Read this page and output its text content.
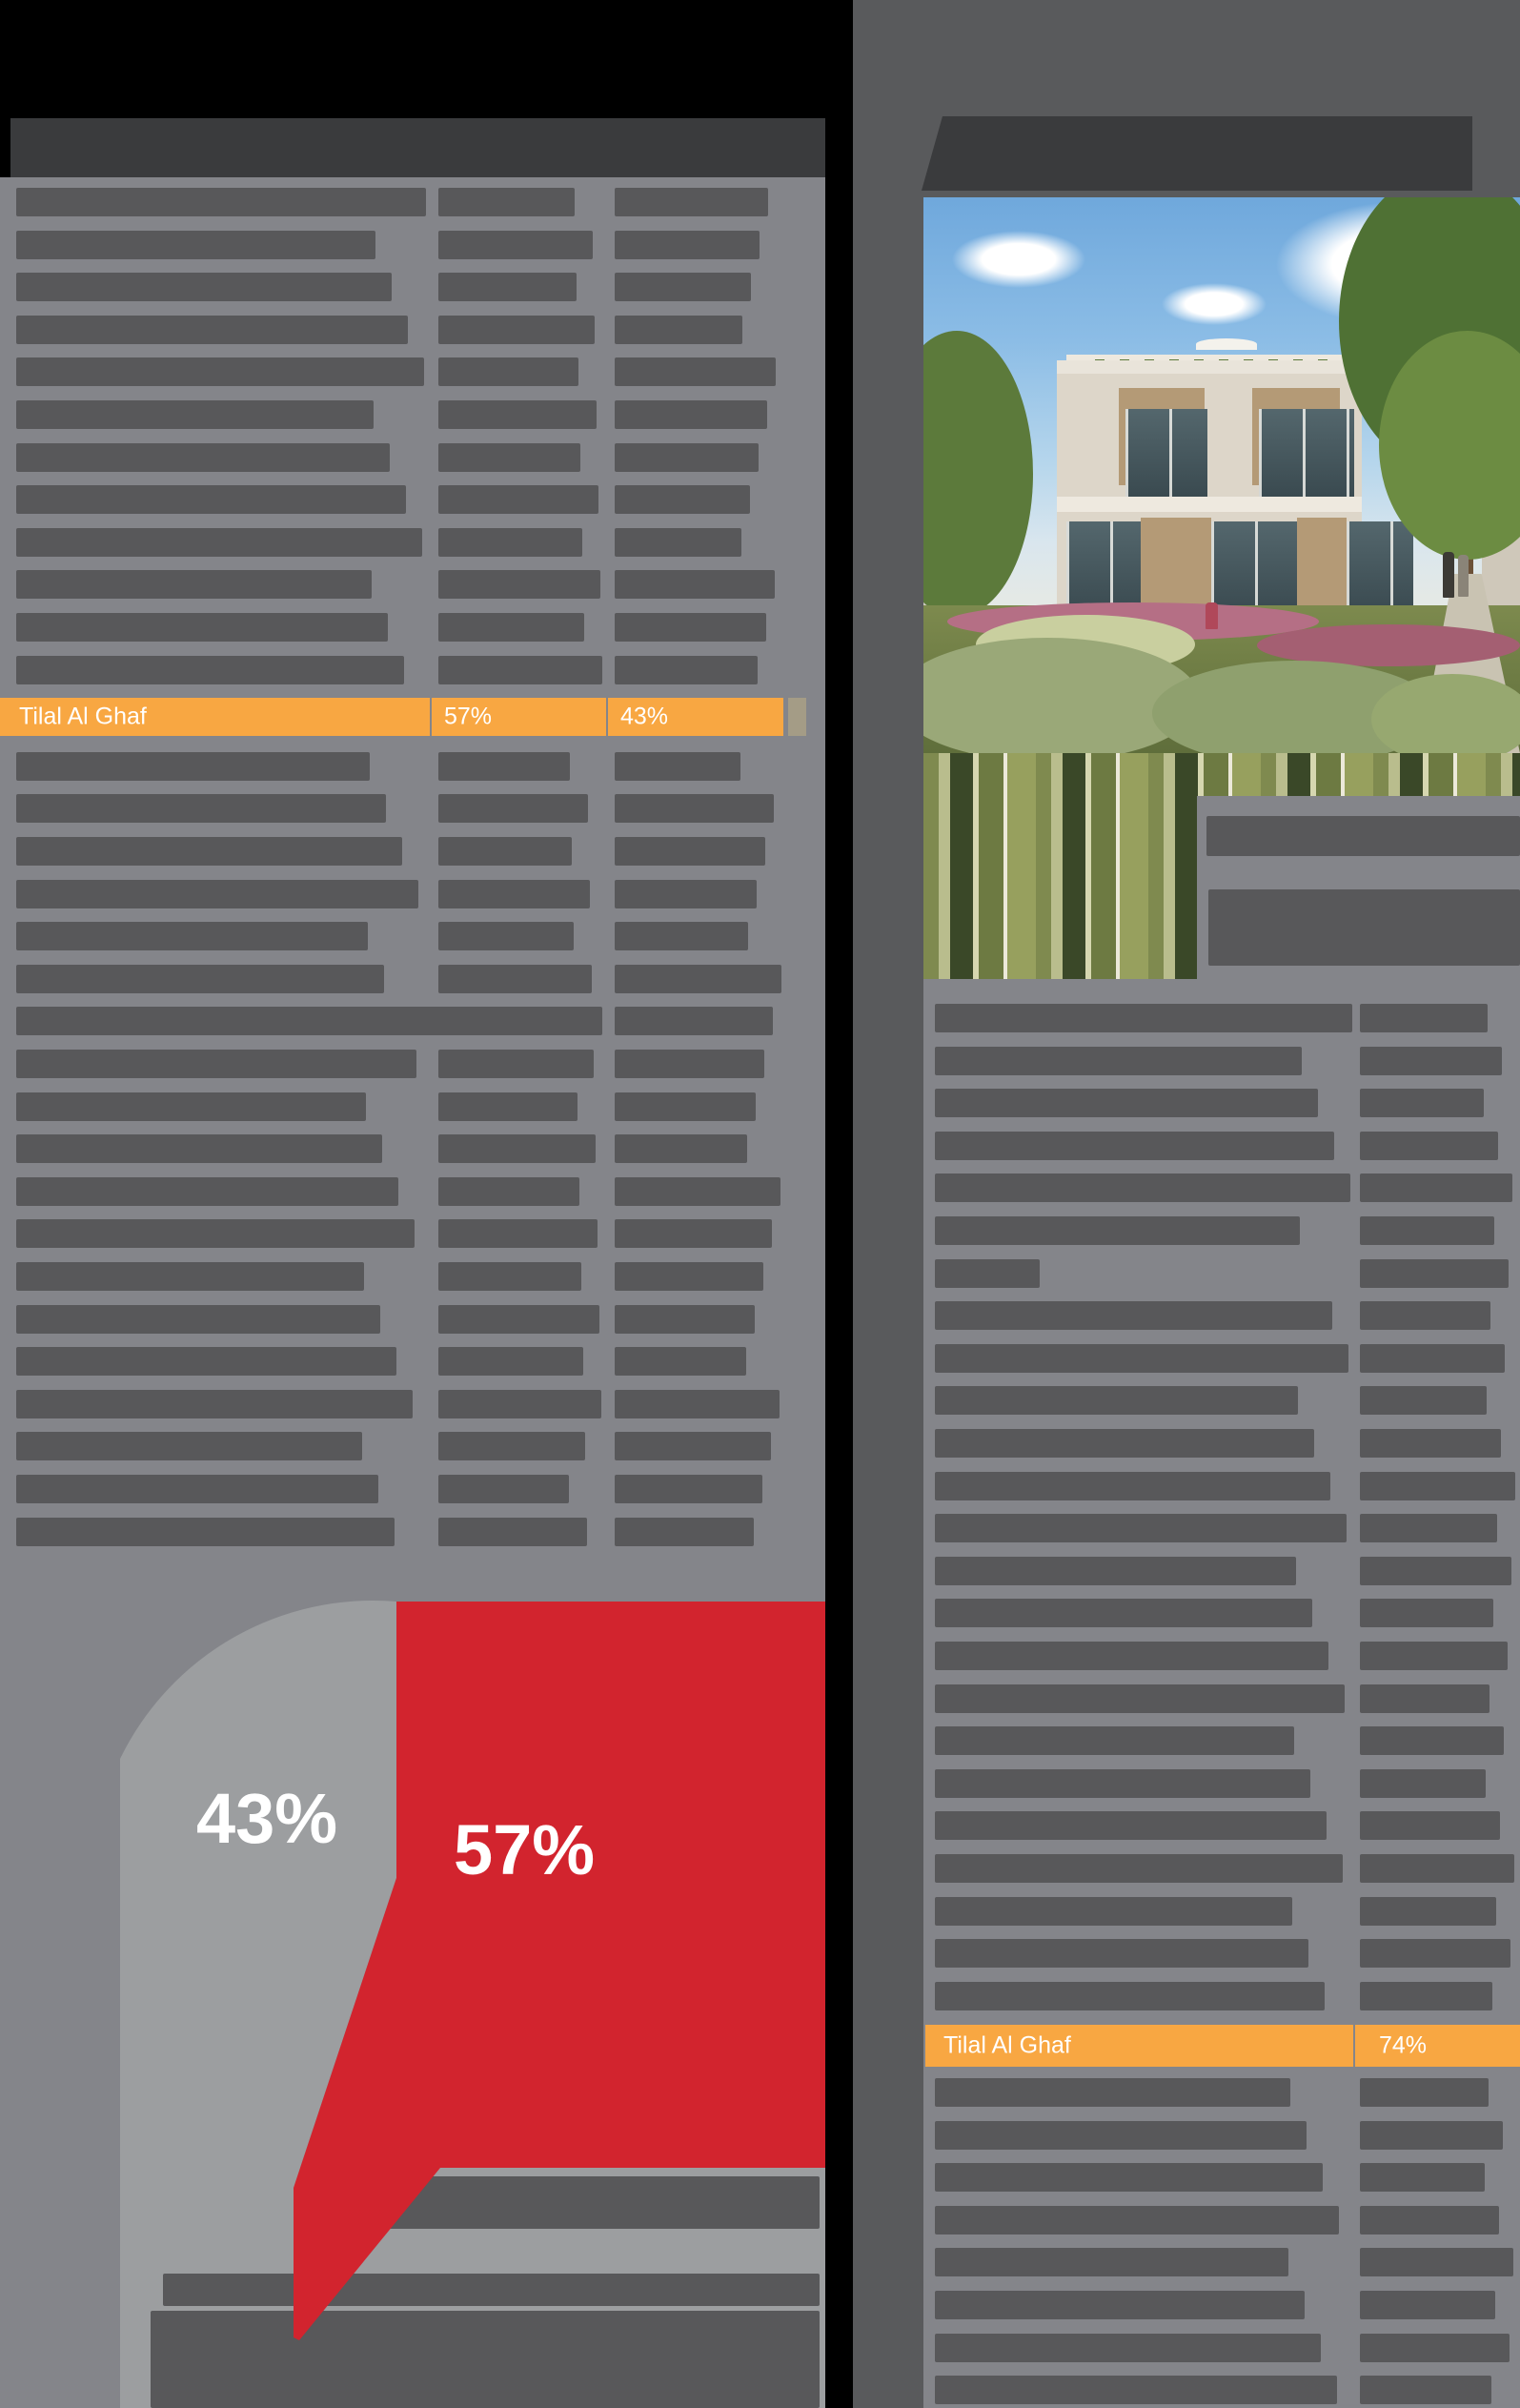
Tilal Al Ghaf	57%	43%
43% 57%
Tilal Al Ghaf	74%
